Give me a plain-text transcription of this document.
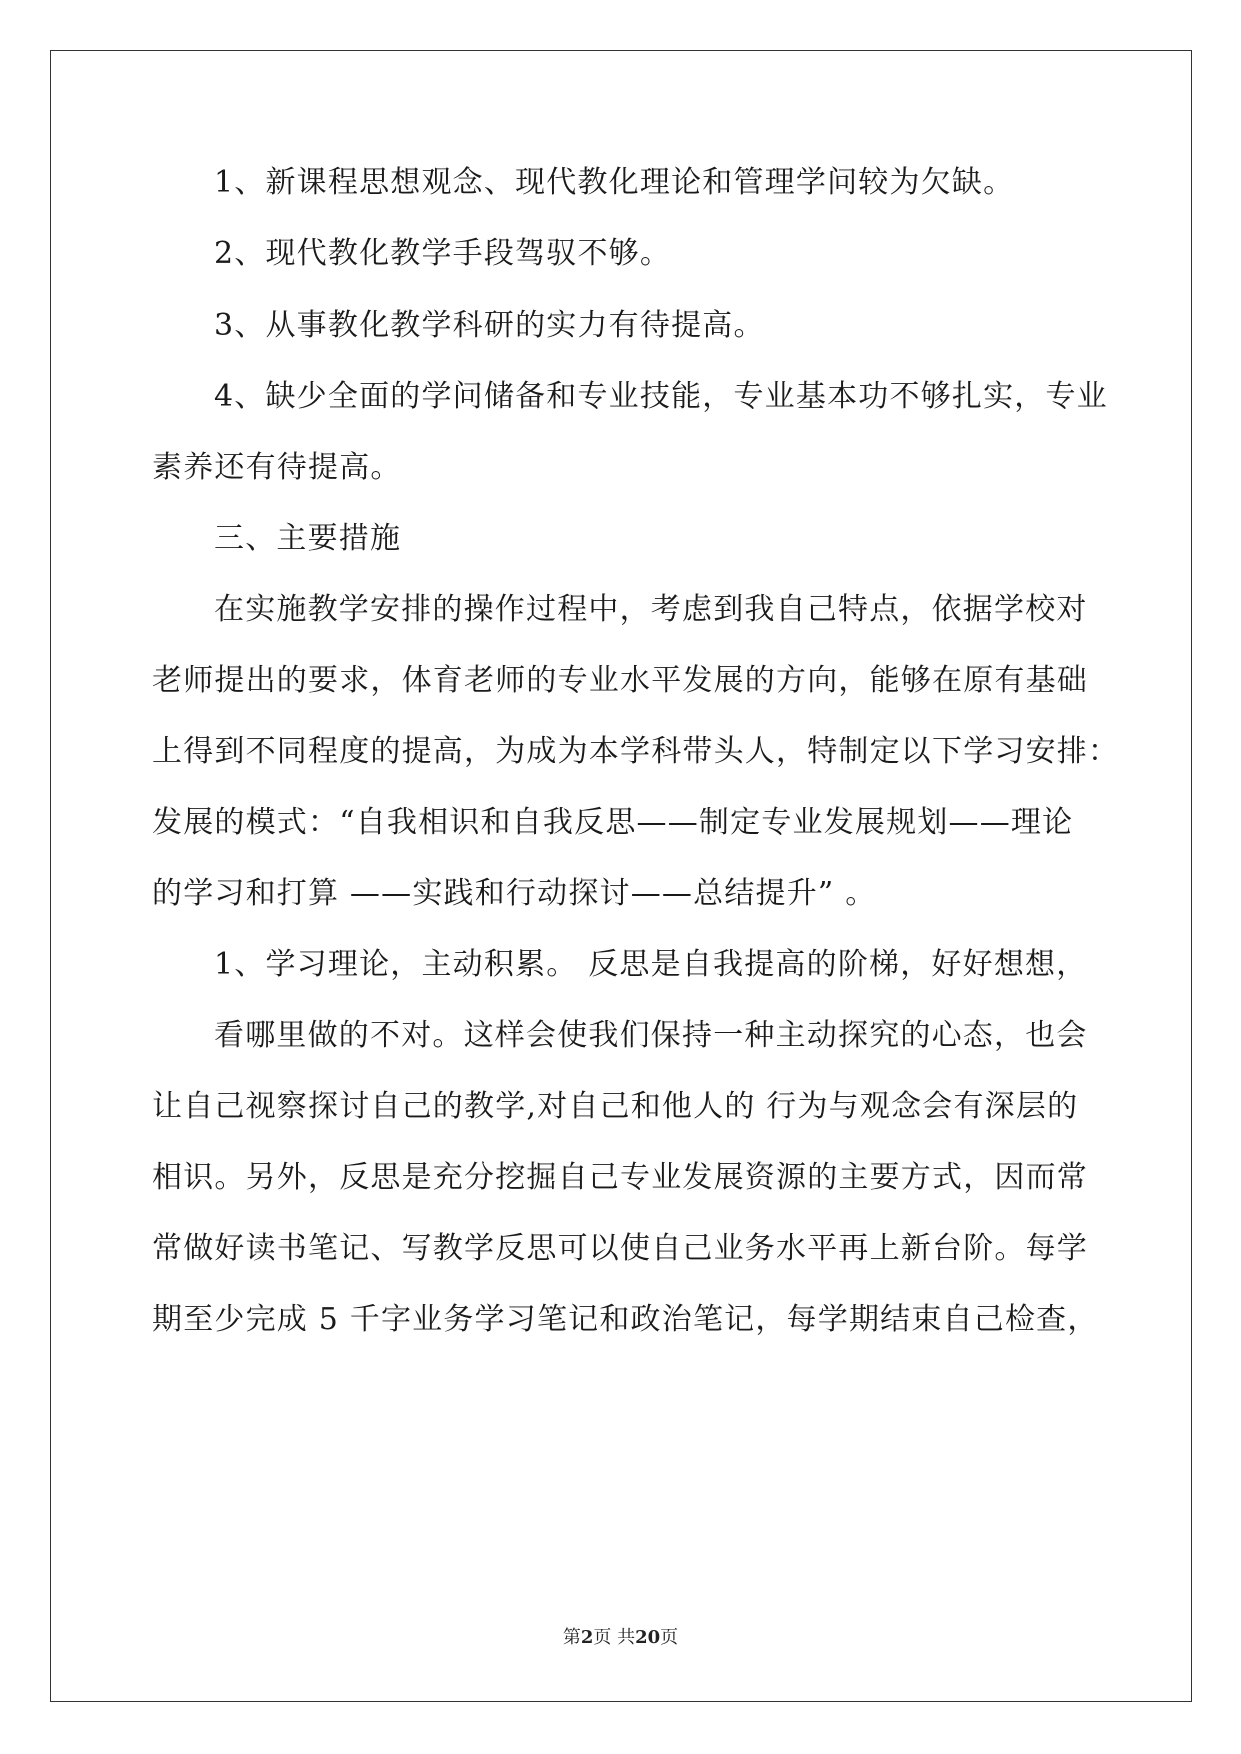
1、新课程思想观念、现代教化理论和管理学问较为欠缺。
2、现代教化教学手段驾驭不够。
3、从事教化教学科研的实力有待提高。
4、缺少全面的学问储备和专业技能，专业基本功不够扎实，专业
素养还有待提高。
三、主要措施
在实施教学安排的操作过程中，考虑到我自己特点，依据学校对
老师提出的要求，体育老师的专业水平发展的方向，能够在原有基础
上得到不同程度的提高，为成为本学科带头人，特制定以下学习安排：
发展的模式：“自我相识和自我反思——制定专业发展规划——理论
的学习和打算 ——实践和行动探讨——总结提升” 。
1、学习理论，主动积累。 反思是自我提高的阶梯，好好想想，
看哪里做的不对。这样会使我们保持一种主动探究的心态，也会
让自己视察探讨自己的教学,对自己和他人的 行为与观念会有深层的
相识。另外，反思是充分挖掘自己专业发展资源的主要方式，因而常
常做好读书笔记、写教学反思可以使自己业务水平再上新台阶。每学
期至少完成 5 千字业务学习笔记和政治笔记，每学期结束自己检查，
第2页 共20页
